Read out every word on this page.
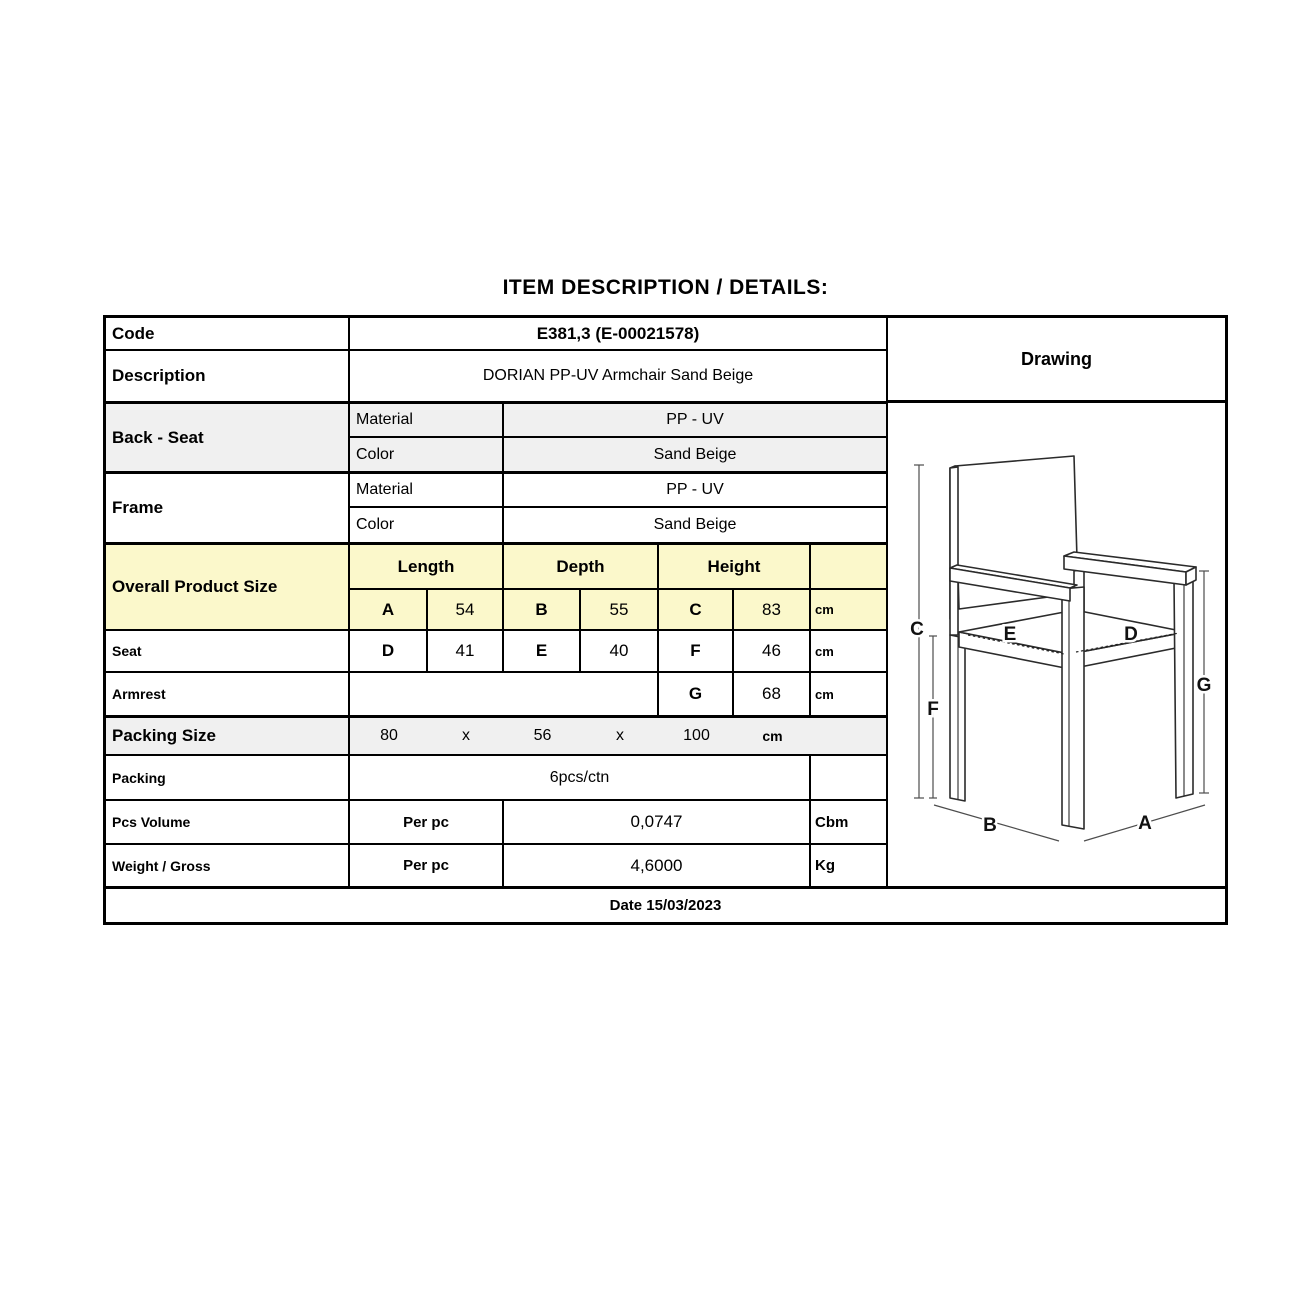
ITEM DESCRIPTION / DETAILS:
Code	E381,3 (E-00021578)
Description	DORIAN PP-UV Armchair Sand Beige
Back - Seat
Material	PP - UV
Color	Sand Beige
Frame
Material	PP - UV
Color	Sand Beige
Overall Product Size
Length	Depth	Height
A	54	B	55	C	83	cm
Seat	D	41	E	40	F	46	cm
Armrest	G	68	cm
Packing Size	80	x	56	x	100	cm
Packing	6pcs/ctn
Pcs Volume	Per pc	0,0747	Cbm
Weight / Gross	Per pc	4,6000	Kg
Drawing
C
F
G
B	A
E	D
Date 15/03/2023
